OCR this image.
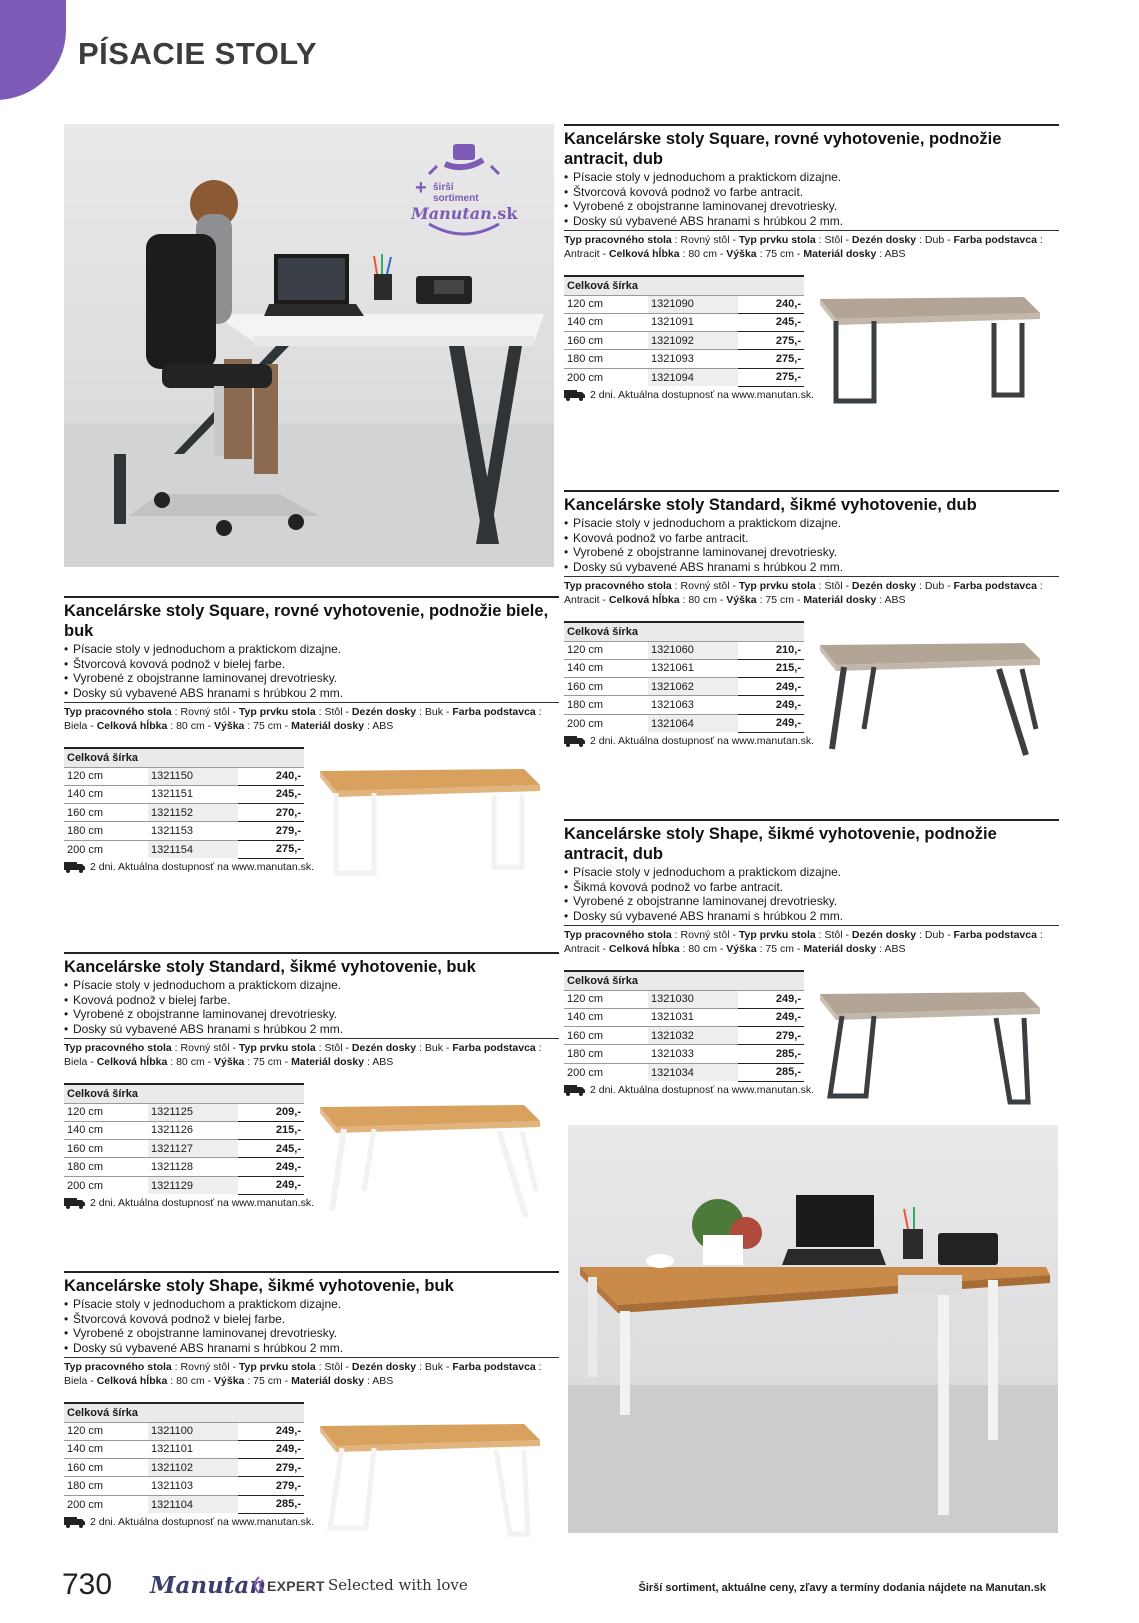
PÍSACIE STOLY
+ širší
sortiment
Manutan.sk
Kancelárske stoly Square, rovné vyhotovenie, podnožie biele, buk
• Písacie stoly v jednoduchom a praktickom dizajne.
• Štvorcová kovová podnož v bielej farbe.
• Vyrobené z obojstranne laminovanej drevotriesky.
• Dosky sú vybavené ABS hranami s hrúbkou 2 mm.
Typ pracovného stola : Rovný stôl - Typ prvku stola : Stôl - Dezén dosky : Buk - Farba podstavca : Biela - Celková hĺbka : 80 cm - Výška : 75 cm - Materiál dosky : ABS
Celková šírka		
120 cm	1321150	240,-
140 cm	1321151	245,-
160 cm	1321152	270,-
180 cm	1321153	279,-
200 cm	1321154	275,-
2 dni. Aktuálna dostupnosť na www.manutan.sk.
Kancelárske stoly Standard, šikmé vyhotovenie, buk
• Písacie stoly v jednoduchom a praktickom dizajne.
• Kovová podnož v bielej farbe.
• Vyrobené z obojstranne laminovanej drevotriesky.
• Dosky sú vybavené ABS hranami s hrúbkou 2 mm.
Typ pracovného stola : Rovný stôl - Typ prvku stola : Stôl - Dezén dosky : Buk - Farba podstavca : Biela - Celková hĺbka : 80 cm - Výška : 75 cm - Materiál dosky : ABS
Celková šírka		
120 cm	1321125	209,-
140 cm	1321126	215,-
160 cm	1321127	245,-
180 cm	1321128	249,-
200 cm	1321129	249,-
2 dni. Aktuálna dostupnosť na www.manutan.sk.
Kancelárske stoly Shape, šikmé vyhotovenie, buk
• Písacie stoly v jednoduchom a praktickom dizajne.
• Štvorcová kovová podnož v bielej farbe.
• Vyrobené z obojstranne laminovanej drevotriesky.
• Dosky sú vybavené ABS hranami s hrúbkou 2 mm.
Typ pracovného stola : Rovný stôl - Typ prvku stola : Stôl - Dezén dosky : Buk - Farba podstavca : Biela - Celková hĺbka : 80 cm - Výška : 75 cm - Materiál dosky : ABS
Celková šírka		
120 cm	1321100	249,-
140 cm	1321101	249,-
160 cm	1321102	279,-
180 cm	1321103	279,-
200 cm	1321104	285,-
2 dni. Aktuálna dostupnosť na www.manutan.sk.
Kancelárske stoly Square, rovné vyhotovenie, podnožie antracit, dub
• Písacie stoly v jednoduchom a praktickom dizajne.
• Štvorcová kovová podnož vo farbe antracit.
• Vyrobené z obojstranne laminovanej drevotriesky.
• Dosky sú vybavené ABS hranami s hrúbkou 2 mm.
Typ pracovného stola : Rovný stôl - Typ prvku stola : Stôl - Dezén dosky : Dub - Farba podstavca : Antracit - Celková hĺbka : 80 cm - Výška : 75 cm - Materiál dosky : ABS
Celková šírka		
120 cm	1321090	240,-
140 cm	1321091	245,-
160 cm	1321092	275,-
180 cm	1321093	275,-
200 cm	1321094	275,-
2 dni. Aktuálna dostupnosť na www.manutan.sk.
Kancelárske stoly Standard, šikmé vyhotovenie, dub
• Písacie stoly v jednoduchom a praktickom dizajne.
• Kovová podnož vo farbe antracit.
• Vyrobené z obojstranne laminovanej drevotriesky.
• Dosky sú vybavené ABS hranami s hrúbkou 2 mm.
Typ pracovného stola : Rovný stôl - Typ prvku stola : Stôl - Dezén dosky : Dub - Farba podstavca : Antracit - Celková hĺbka : 80 cm - Výška : 75 cm - Materiál dosky : ABS
Celková šírka		
120 cm	1321060	210,-
140 cm	1321061	215,-
160 cm	1321062	249,-
180 cm	1321063	249,-
200 cm	1321064	249,-
2 dni. Aktuálna dostupnosť na www.manutan.sk.
Kancelárske stoly Shape, šikmé vyhotovenie, podnožie antracit, dub
• Písacie stoly v jednoduchom a praktickom dizajne.
• Šikmá kovová podnož vo farbe antracit.
• Vyrobené z obojstranne laminovanej drevotriesky.
• Dosky sú vybavené ABS hranami s hrúbkou 2 mm.
Typ pracovného stola : Rovný stôl - Typ prvku stola : Stôl - Dezén dosky : Dub - Farba podstavca : Antracit - Celková hĺbka : 80 cm - Výška : 75 cm - Materiál dosky : ABS
Celková šírka		
120 cm	1321030	249,-
140 cm	1321031	249,-
160 cm	1321032	279,-
180 cm	1321033	285,-
200 cm	1321034	285,-
2 dni. Aktuálna dostupnosť na www.manutan.sk.
730 Manutan EXPERT Selected with love	Širší sortiment, aktuálne ceny, zľavy a termíny dodania nájdete na Manutan.sk
